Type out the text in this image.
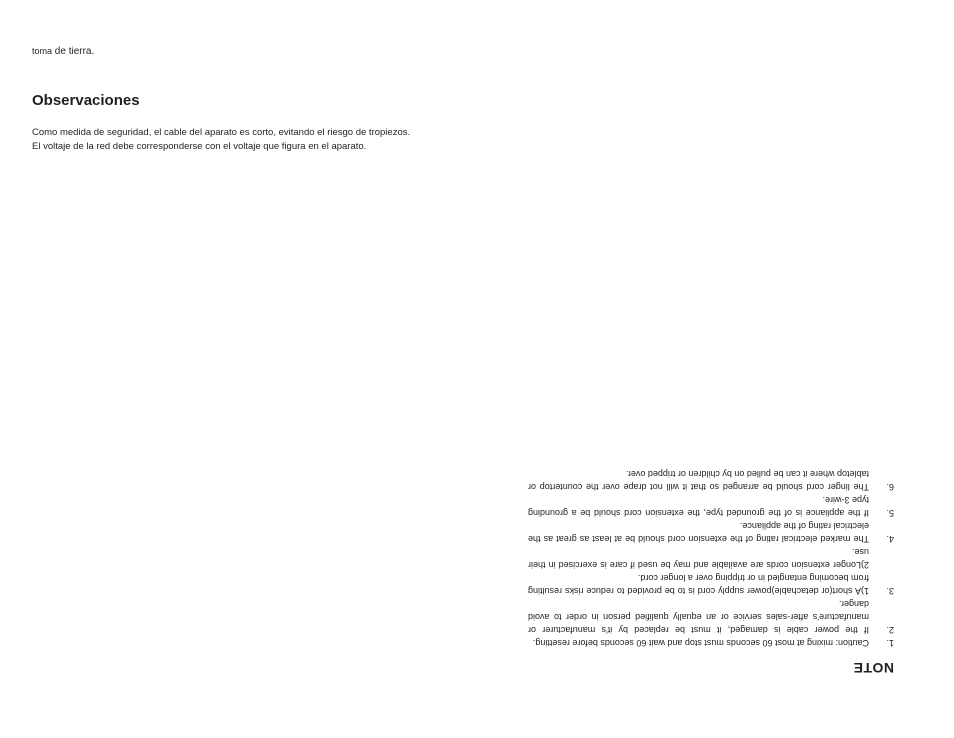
toma de tierra.

Observaciones

Como medida de seguridad, el cable del aparato es corto, evitando el riesgo de tropiezos.

El voltaje de la red debe corresponderse con el voltaje que figura en el aparato.

NOTE
1.
Caution: mixing at most 60 seconds must stop and wait 60 seconds before resetting.
2.
If the power cable is damaged, it must be replaced by it's manufacturer or manufacture's after-sales service or an equally qualified person in order to avoid danger.
3.
1)A short(or detachable)power supply cord is to be provided to reduce risks resulting from becoming entangled in or tripping over a longer cord.
2)Longer extension cords are available and may be used if care is exercised in their use.
4.
The marked electrical rating of the extension cord should be at least as great as the electrical rating of the appliance.
5.
If the appliance is of the grounded type, the extension cord should be a grounding type 3-wire.
6.
The linger cord should be arranged so that it will not drape over the countertop or tabletop where it can be pulled on by children or tripped over.
